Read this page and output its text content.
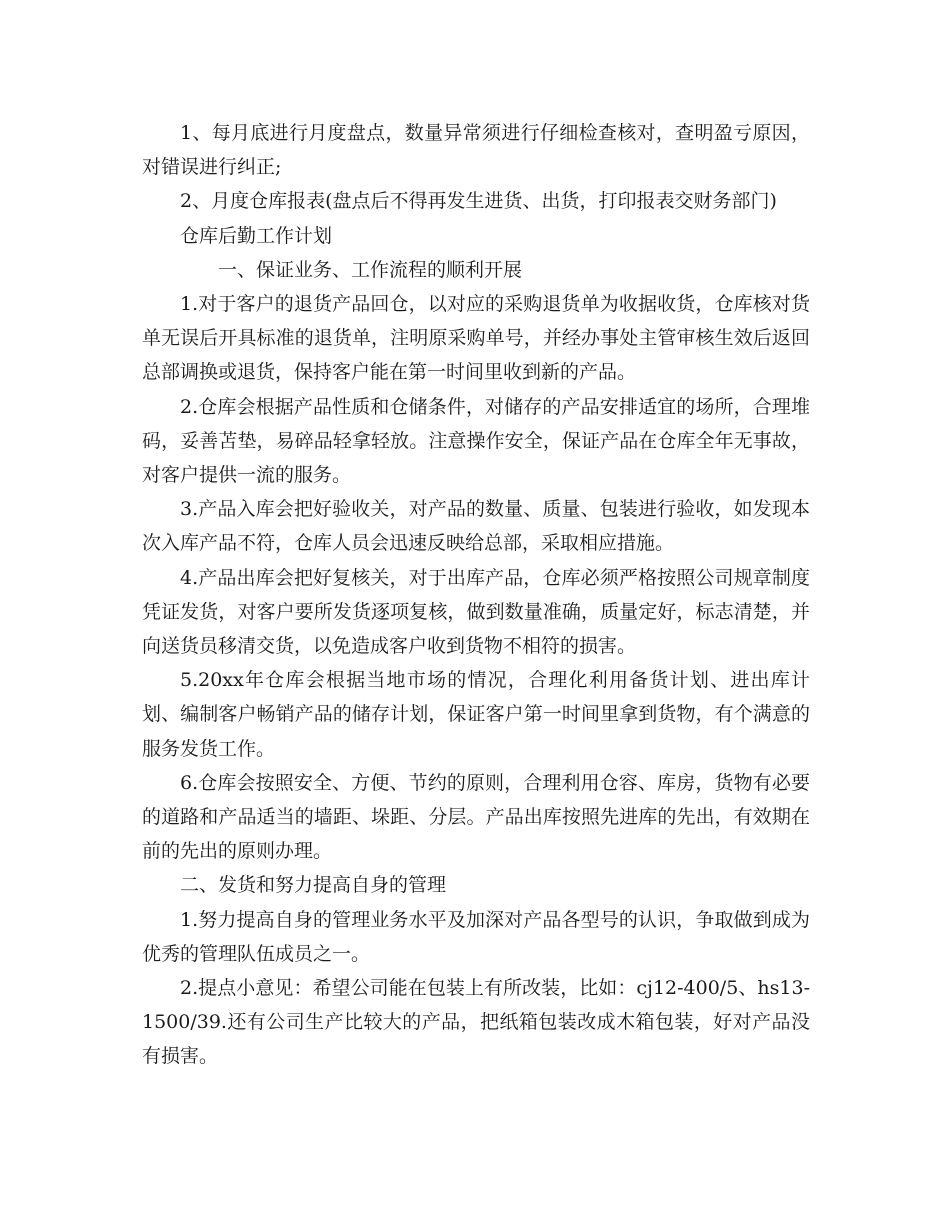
1、每月底进行月度盘点，数量异常须进行仔细检查核对，查明盈亏原因，对错误进行纠正;

2、月度仓库报表(盘点后不得再发生进货、出货，打印报表交财务部门)

仓库后勤工作计划

一、保证业务、工作流程的顺利开展

1.对于客户的退货产品回仓，以对应的采购退货单为收据收货，仓库核对货单无误后开具标准的退货单，注明原采购单号，并经办事处主管审核生效后返回总部调换或退货，保持客户能在第一时间里收到新的产品。

2.仓库会根据产品性质和仓储条件，对储存的产品安排适宜的场所，合理堆码，妥善苫垫，易碎品轻拿轻放。注意操作安全，保证产品在仓库全年无事故，对客户提供一流的服务。

3.产品入库会把好验收关，对产品的数量、质量、包装进行验收，如发现本次入库产品不符，仓库人员会迅速反映给总部，采取相应措施。

4.产品出库会把好复核关，对于出库产品，仓库必须严格按照公司规章制度凭证发货，对客户要所发货逐项复核，做到数量准确，质量定好，标志清楚，并向送货员移清交货，以免造成客户收到货物不相符的损害。

5.20xx年仓库会根据当地市场的情况，合理化利用备货计划、进出库计划、编制客户畅销产品的储存计划，保证客户第一时间里拿到货物，有个满意的服务发货工作。

6.仓库会按照安全、方便、节约的原则，合理利用仓容、库房，货物有必要的道路和产品适当的墙距、垛距、分层。产品出库按照先进库的先出，有效期在前的先出的原则办理。

二、发货和努力提高自身的管理

1.努力提高自身的管理业务水平及加深对产品各型号的认识，争取做到成为优秀的管理队伍成员之一。

2.提点小意见：希望公司能在包装上有所改装，比如：cj12-400/5、hs13-1500/39.还有公司生产比较大的产品，把纸箱包装改成木箱包装，好对产品没有损害。
